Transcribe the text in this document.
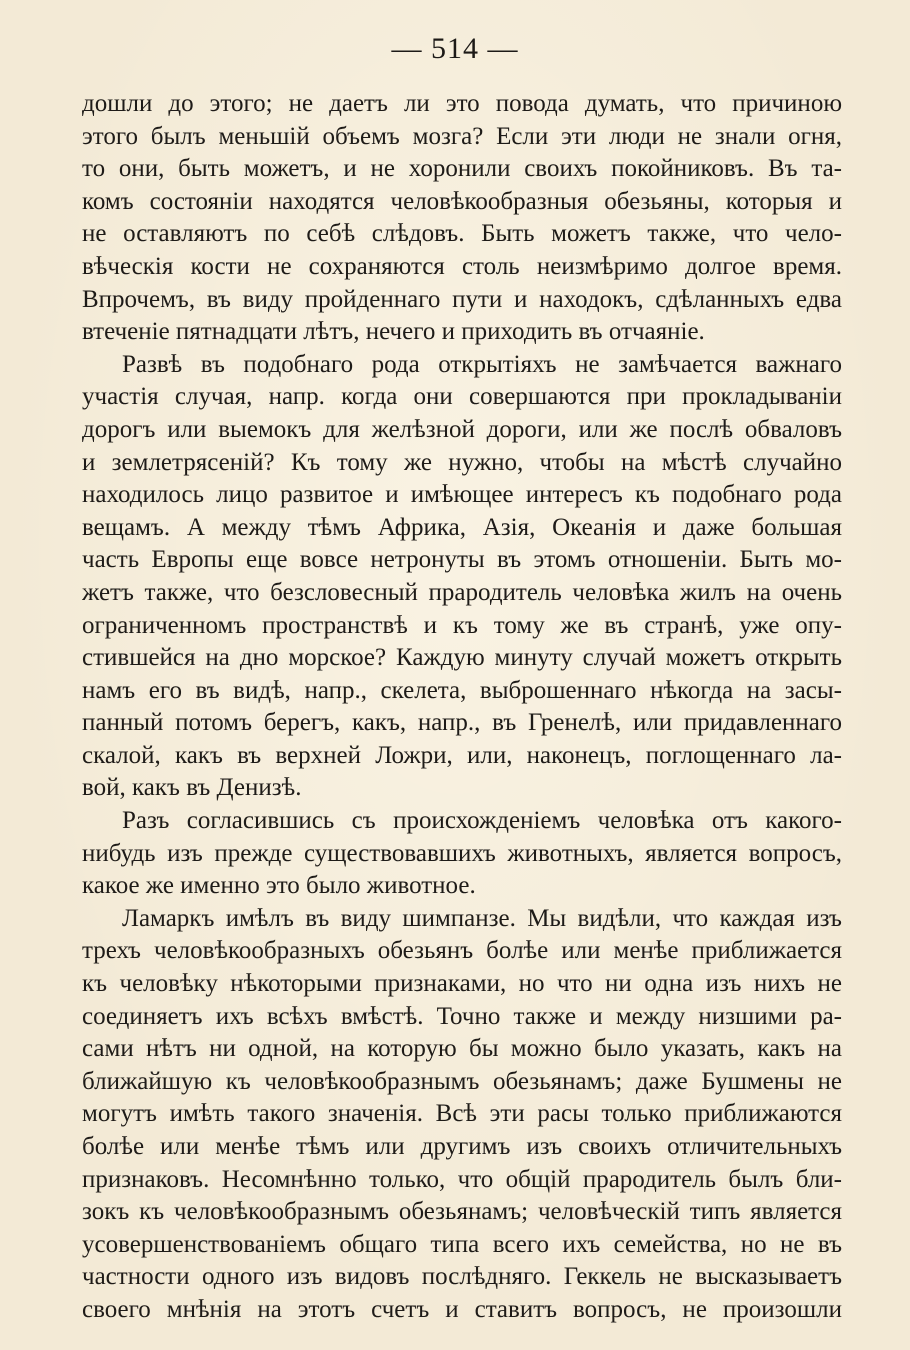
— 514 —
дошли до этого; не даетъ ли это повода думать, что причиною
этого былъ меньшій объемъ мозга? Если эти люди не знали огня,
то они, быть можетъ, и не хоронили своихъ покойниковъ. Въ та-
комъ состояніи находятся человѣкообразныя обезьяны, которыя и
не оставляютъ по себѣ слѣдовъ. Быть можетъ также, что чело-
вѣческія кости не сохраняются столь неизмѣримо долгое время.
Впрочемъ, въ виду пройденнаго пути и находокъ, сдѣланныхъ едва
втеченіе пятнадцати лѣтъ, нечего и приходить въ отчаяніе.
Развѣ въ подобнаго рода открытіяхъ не замѣчается важнаго
участія случая, напр. когда они совершаются при прокладываніи
дорогъ или выемокъ для желѣзной дороги, или же послѣ обваловъ
и землетрясеній? Къ тому же нужно, чтобы на мѣстѣ случайно
находилось лицо развитое и имѣющее интересъ къ подобнаго рода
вещамъ. А между тѣмъ Африка, Азія, Океанія и даже большая
часть Европы еще вовсе нетронуты въ этомъ отношеніи. Быть мо-
жетъ также, что безсловесный прародитель человѣка жилъ на очень
ограниченномъ пространствѣ и къ тому же въ странѣ, уже опу-
стившейся на дно морское? Каждую минуту случай можетъ открыть
намъ его въ видѣ, напр., скелета, выброшеннаго нѣкогда на засы-
панный потомъ берегъ, какъ, напр., въ Гренелѣ, или придавленнаго
скалой, какъ въ верхней Ложри, или, наконецъ, поглощеннаго ла-
вой, какъ въ Денизѣ.
Разъ согласившись съ происхожденіемъ человѣка отъ какого-
нибудь изъ прежде существовавшихъ животныхъ, является вопросъ,
какое же именно это было животное.
Ламаркъ имѣлъ въ виду шимпанзе. Мы видѣли, что каждая изъ
трехъ человѣкообразныхъ обезьянъ болѣе или менѣе приближается
къ человѣку нѣкоторыми признаками, но что ни одна изъ нихъ не
соединяетъ ихъ всѣхъ вмѣстѣ. Точно также и между низшими ра-
сами нѣтъ ни одной, на которую бы можно было указать, какъ на
ближайшую къ человѣкообразнымъ обезьянамъ; даже Бушмены не
могутъ имѣть такого значенія. Всѣ эти расы только приближаются
болѣе или менѣе тѣмъ или другимъ изъ своихъ отличительныхъ
признаковъ. Несомнѣнно только, что общій прародитель былъ бли-
зокъ къ человѣкообразнымъ обезьянамъ; человѣческій типъ является
усовершенствованіемъ общаго типа всего ихъ семейства, но не въ
частности одного изъ видовъ послѣдняго. Геккель не высказываетъ
своего мнѣнія на этотъ счетъ и ставитъ вопросъ, не произошли
